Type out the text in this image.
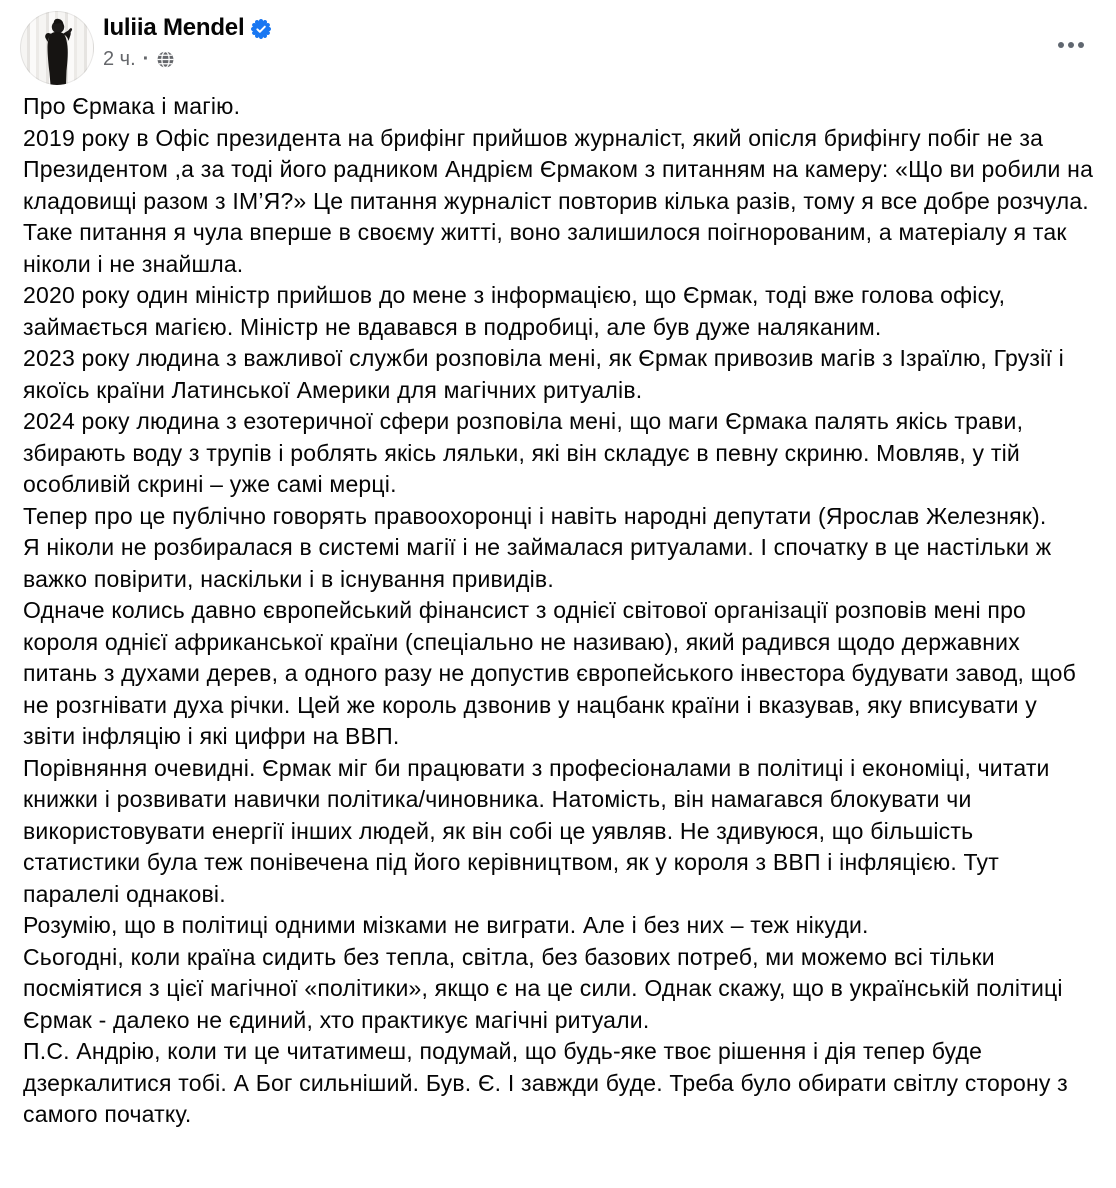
Iuliia Mendel
2 ч. ·
Про Єрмака і магію.
2019 року в Офіс президента на брифінг прийшов журналіст, який опісля брифінгу побіг не за Президентом ,а за тоді його радником Андрієм Єрмаком з питанням на камеру: «Що ви робили на кладовищі разом з ІМ’Я?» Це питання журналіст повторив кілька разів, тому я все добре розчула. Таке питання я чула вперше в своєму житті, воно залишилося поігнорованим, а матеріалу я так ніколи і не знайшла.
2020 року один міністр прийшов до мене з інформацією, що Єрмак, тоді вже голова офісу, займається магією. Міністр не вдавався в подробиці, але був дуже наляканим.
2023 року людина з важливої служби розповіла мені, як Єрмак привозив магів з Ізраїлю, Грузії і якоїсь країни Латинської Америки для магічних ритуалів.
2024 року людина з езотеричної сфери розповіла мені, що маги Єрмака палять якісь трави, збирають воду з трупів і роблять якісь ляльки, які він складує в певну скриню. Мовляв, у тій особливій скрині – уже самі мерці.
Тепер про це публічно говорять правоохоронці і навіть народні депутати (Ярослав Железняк).
Я ніколи не розбиралася в системі магії і не займалася ритуалами. І спочатку в це настільки ж важко повірити, наскільки і в існування привидів.
Одначе колись давно європейський фінансист з однієї світової організації розповів мені про короля однієї африканської країни (спеціально не називаю), який радився щодо державних питань з духами дерев, а одного разу не допустив європейського інвестора будувати завод, щоб не розгнівати духа річки. Цей же король дзвонив у нацбанк країни і вказував, яку вписувати у звіти інфляцію і які цифри на ВВП.
Порівняння очевидні. Єрмак міг би працювати з професіоналами в політиці і економіці, читати книжки і розвивати навички політика/чиновника. Натомість, він намагався блокувати чи використовувати енергії інших людей, як він собі це уявляв. Не здивуюся, що більшість статистики була теж понівечена під його керівництвом, як у короля з ВВП і інфляцією. Тут паралелі однакові.
Розумію, що в політиці одними мізками не виграти. Але і без них – теж нікуди.
Сьогодні, коли країна сидить без тепла, світла, без базових потреб, ми можемо всі тільки посміятися з цієї магічної «політики», якщо є на це сили. Однак скажу, що в українській політиці Єрмак - далеко не єдиний, хто практикує магічні ритуали.
П.С. Андрію, коли ти це читатимеш, подумай, що будь-яке твоє рішення і дія тепер буде дзеркалитися тобі. А Бог сильніший. Був. Є. І завжди буде. Треба було обирати світлу сторону з самого початку.
